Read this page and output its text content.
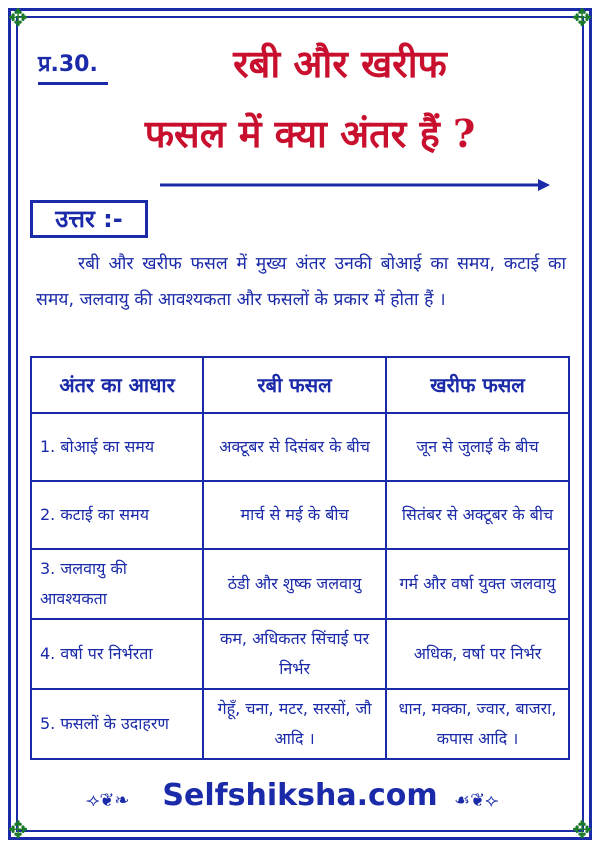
✥	✥
✥	✥
प्र.30.	रबी और खरीफ
फसल में क्या अंतर हैं ?
उत्तर :-
रबी और खरीफ फसल में मुख्य अंतर उनकी बोआई का समय, कटाई का समय, जलवायु की आवश्यकता और फसलों के प्रकार में होता हैं ।
अंतर का आधार	रबी फसल	खरीफ फसल
1. बोआई का समय	अक्टूबर से दिसंबर के बीच	जून से जुलाई के बीच
2. कटाई का समय	मार्च से मई के बीच	सितंबर से अक्टूबर के बीच
3. जलवायु की आवश्यकता	ठंडी और शुष्क जलवायु	गर्म और वर्षा युक्त जलवायु
4. वर्षा पर निर्भरता	कम, अधिकतर सिंचाई पर निर्भर	अधिक, वर्षा पर निर्भर
5. फसलों के उदाहरण	गेहूँ, चना, मटर, सरसों, जौ आदि ।	धान, मक्का, ज्वार, बाजरा, कपास आदि ।
⟢❦❧	Selfshiksha.com ☙❦⟣
